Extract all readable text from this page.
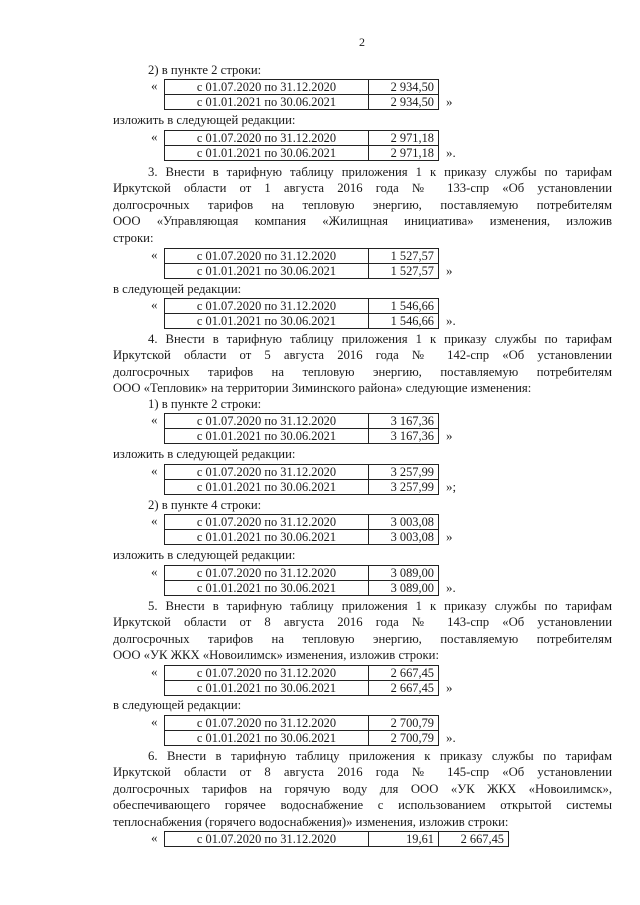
2
2) в пункте 2 строки:
«	с 01.07.2020 по 31.12.2020	2 934,50
с 01.01.2021 по 30.06.2021	2 934,50 »
изложить в следующей редакции:
«	с 01.07.2020 по 31.12.2020	2 971,18
с 01.01.2021 по 30.06.2021	2 971,18 ».
3. Внести в тарифную таблицу приложения 1 к приказу службы по тарифам
Иркутской области от 1 августа 2016 года № 133-спр «Об установлении
долгосрочных тарифов на тепловую энергию, поставляемую потребителям
ООО «Управляющая компания «Жилищная инициатива» изменения, изложив
строки:
«	с 01.07.2020 по 31.12.2020	1 527,57
с 01.01.2021 по 30.06.2021	1 527,57 »
в следующей редакции:
«	с 01.07.2020 по 31.12.2020	1 546,66
с 01.01.2021 по 30.06.2021	1 546,66 ».
4. Внести в тарифную таблицу приложения 1 к приказу службы по тарифам
Иркутской области от 5 августа 2016 года № 142-спр «Об установлении
долгосрочных тарифов на тепловую энергию, поставляемую потребителям
ООО «Тепловик» на территории Зиминского района» следующие изменения:
1) в пункте 2 строки:
«	с 01.07.2020 по 31.12.2020	3 167,36
с 01.01.2021 по 30.06.2021	3 167,36 »
изложить в следующей редакции:
«	с 01.07.2020 по 31.12.2020	3 257,99
с 01.01.2021 по 30.06.2021	3 257,99 »;
2) в пункте 4 строки:
«	с 01.07.2020 по 31.12.2020	3 003,08
с 01.01.2021 по 30.06.2021	3 003,08 »
изложить в следующей редакции:
«	с 01.07.2020 по 31.12.2020	3 089,00
с 01.01.2021 по 30.06.2021	3 089,00 ».
5. Внести в тарифную таблицу приложения 1 к приказу службы по тарифам
Иркутской области от 8 августа 2016 года № 143-спр «Об установлении
долгосрочных тарифов на тепловую энергию, поставляемую потребителям
ООО «УК ЖКХ «Новоилимск» изменения, изложив строки:
«	с 01.07.2020 по 31.12.2020	2 667,45
с 01.01.2021 по 30.06.2021	2 667,45 »
в следующей редакции:
«	с 01.07.2020 по 31.12.2020	2 700,79
с 01.01.2021 по 30.06.2021	2 700,79 ».
6. Внести в тарифную таблицу приложения к приказу службы по тарифам
Иркутской области от 8 августа 2016 года № 145-спр «Об установлении
долгосрочных тарифов на горячую воду для ООО «УК ЖКХ «Новоилимск»,
обеспечивающего горячее водоснабжение с использованием открытой системы
теплоснабжения (горячего водоснабжения)» изменения, изложив строки:
«	с 01.07.2020 по 31.12.2020	19,61	2 667,45
